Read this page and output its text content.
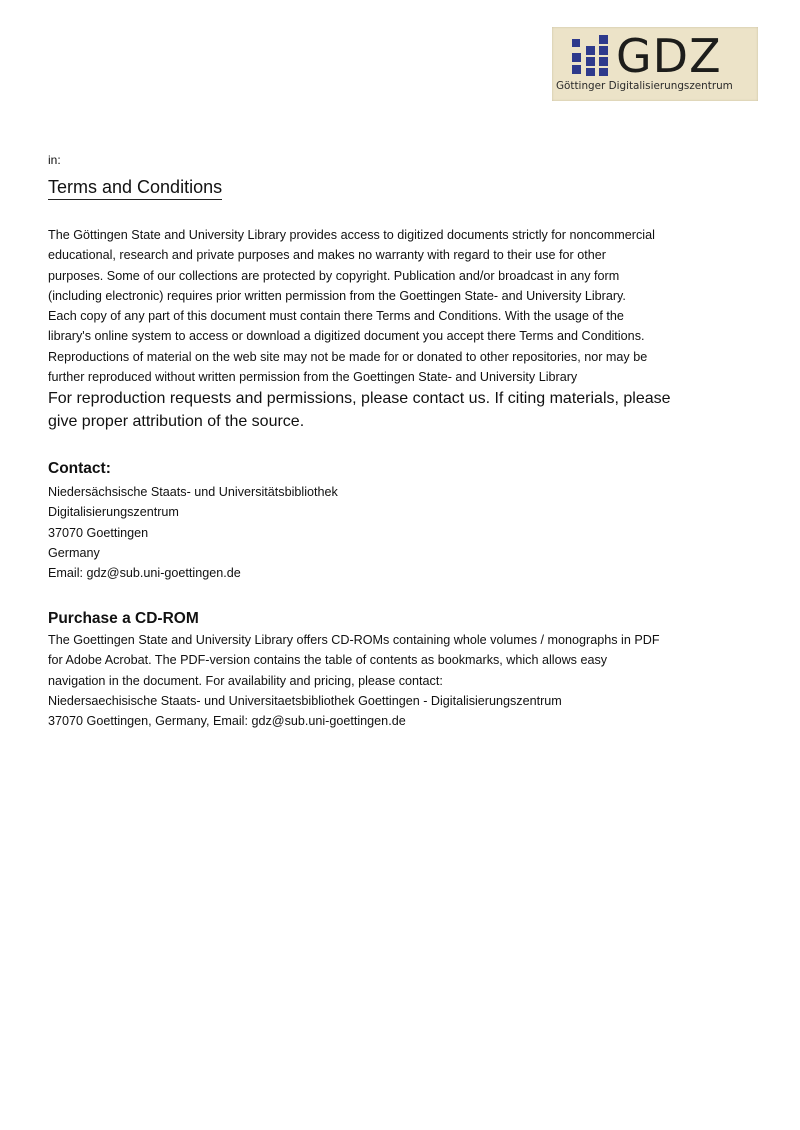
GDZ
Göttinger Digitalisierungszentrum
in:
Terms and Conditions
The Göttingen State and University Library provides access to digitized documents strictly for noncommercial
educational, research and private purposes and makes no warranty with regard to their use for other
purposes. Some of our collections are protected by copyright. Publication and/or broadcast in any form
(including electronic) requires prior written permission from the Goettingen State- and University Library.
Each copy of any part of this document must contain there Terms and Conditions. With the usage of the
library's online system to access or download a digitized document you accept there Terms and Conditions.
Reproductions of material on the web site may not be made for or donated to other repositories, nor may be
further reproduced without written permission from the Goettingen State- and University Library
For reproduction requests and permissions, please contact us. If citing materials, please
give proper attribution of the source.
Contact:
Niedersächsische Staats- und Universitätsbibliothek
Digitalisierungszentrum
37070 Goettingen
Germany
Email: gdz@sub.uni-goettingen.de
Purchase a CD-ROM
The Goettingen State and University Library offers CD-ROMs containing whole volumes / monographs in PDF
for Adobe Acrobat. The PDF-version contains the table of contents as bookmarks, which allows easy
navigation in the document. For availability and pricing, please contact:
Niedersaechisische Staats- und Universitaetsbibliothek Goettingen - Digitalisierungszentrum
37070 Goettingen, Germany, Email: gdz@sub.uni-goettingen.de
